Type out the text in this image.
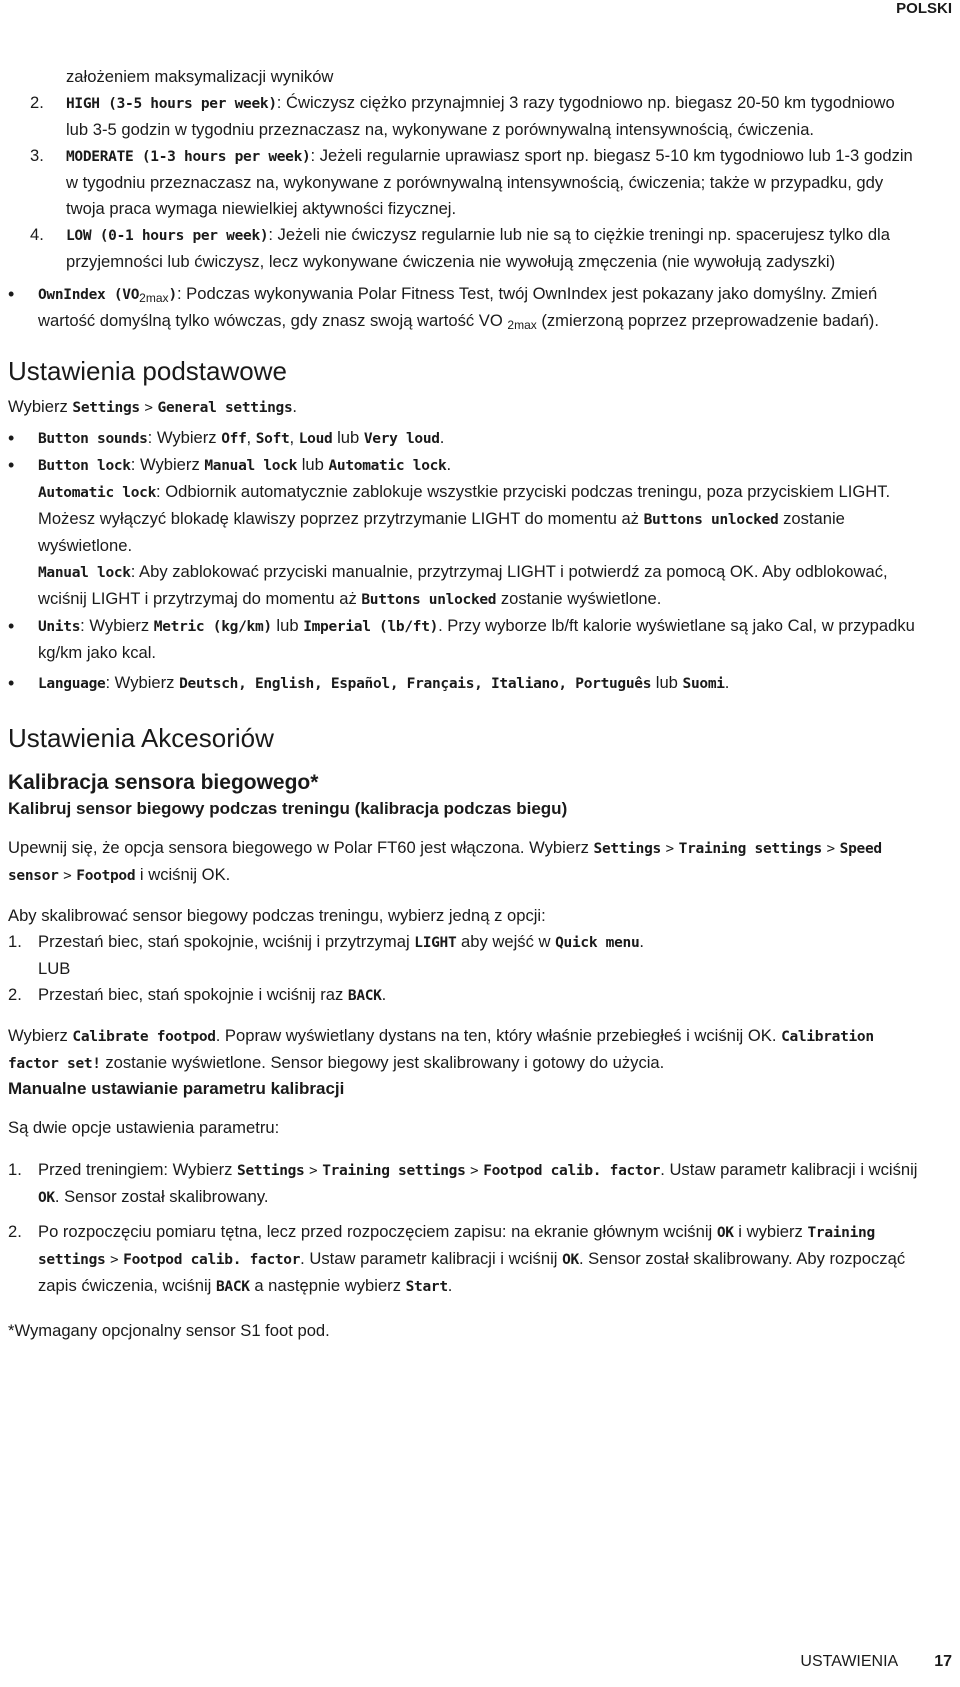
POLSKI

założeniem maksymalizacji wyników

2. HIGH (3-5 hours per week): Ćwiczysz ciężko przynajmniej 3 razy tygodniowo np. biegasz 20-50 km tygodniowo lub 3-5 godzin w tygodniu przeznaczasz na, wykonywane z porównywalną intensywnością, ćwiczenia.

3. MODERATE (1-3 hours per week): Jeżeli regularnie uprawiasz sport np. biegasz 5-10 km tygodniowo lub 1-3 godzin w tygodniu przeznaczasz na, wykonywane z porównywalną intensywnością, ćwiczenia; także w przypadku, gdy twoja praca wymaga niewielkiej aktywności fizycznej.

4. LOW (0-1 hours per week): Jeżeli nie ćwiczysz regularnie lub nie są to ciężkie treningi np. spacerujesz tylko dla przyjemności lub ćwiczysz, lecz wykonywane ćwiczenia nie wywołują zmęczenia (nie wywołują zadyszki)

• OwnIndex $(VO_{2max})$: Podczas wykonywania Polar Fitness Test, twój OwnIndex jest pokazany jako domyślny. Zmień wartość domyślną tylko wówczas, gdy znasz swoją wartość VO $_{2max}$ (zmierzoną poprzez przeprowadzenie badań).

Ustawienia podstawowe

Wybierz Settings > General settings.

• Button sounds: Wybierz Off, Soft, Loud lub Very loud.

• Button lock: Wybierz Manual lock lub Automatic lock.

Automatic lock: Odbiornik automatycznie zablokuje wszystkie przyciski podczas treningu, poza przyciskiem LIGHT. Możesz wyłączyć blokadę klawiszy poprzez przytrzymanie LIGHT do momentu aż Buttons unlocked zostanie wyświetlone.

Manual lock: Aby zablokować przyciski manualnie, przytrzymaj LIGHT i potwierdź za pomocą OK. Aby odblokować, wciśnij LIGHT i przytrzymaj do momentu aż Buttons unlocked zostanie wyświetlone.

• Units: Wybierz Metric (kg/km) lub Imperial (lb/ft). Przy wyborze lb/ft kalorie wyświetlane są jako Cal, w przypadku kg/km jako kcal.

• Language: Wybierz Deutsch, English, Español, Français, Italiano, Português lub Suomi.

Ustawienia Akcesoriów
Kalibracja sensora biegowego*
Kalibruj sensor biegowy podczas treningu (kalibracja podczas biegu)

Upewnij się, że opcja sensora biegowego w Polar FT60 jest włączona. Wybierz Settings > Training settings > Speed sensor > Footpod i wciśnij OK.

Aby skalibrować sensor biegowy podczas treningu, wybierz jedną z opcji:

1. Przestań biec, stań spokojnie, wciśnij i przytrzymaj LIGHT aby wejść w Quick menu.
LUB

2. Przestań biec, stań spokojnie i wciśnij raz BACK.

Wybierz Calibrate footpod. Popraw wyświetlany dystans na ten, który właśnie przebiegłeś i wciśnij OK. Calibration factor set! zostanie wyświetlone. Sensor biegowy jest skalibrowany i gotowy do użycia.

Manualne ustawianie parametru kalibracji

Są dwie opcje ustawienia parametru:

1. Przed treningiem: Wybierz Settings > Training settings > Footpod calib. factor. Ustaw parametr kalibracji i wciśnij OK. Sensor został skalibrowany.

2. Po rozpoczęciu pomiaru tętna, lecz przed rozpoczęciem zapisu: na ekranie głównym wciśnij OK i wybierz Training settings > Footpod calib. factor. Ustaw parametr kalibracji i wciśnij OK. Sensor został skalibrowany. Aby rozpocząć zapis ćwiczenia, wciśnij BACK a następnie wybierz Start.

*Wymagany opcjonalny sensor S1 foot pod.

USTAWIENIA 17
